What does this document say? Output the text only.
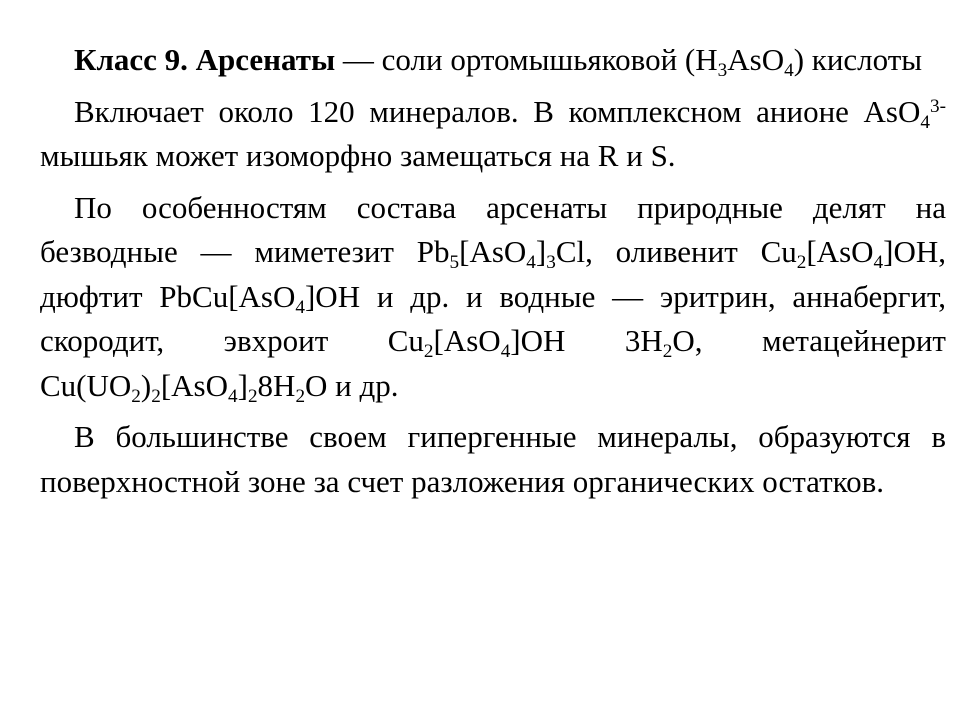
Класс 9. Арсенаты — соли ортомышьяковой $(H_3AsO_4)$ кислоты

Включает около 120 минералов. В комплексном анионе AsO$_4^{3-}$ мышьяк может изоморфно замещаться на R и S.

По особенностям состава арсенаты природные делят на безводные — миметезит $Pb_5[AsO_4]_3Cl$, оливенит $Cu_2[AsO_4]OH$, дюфтит PbCu[AsO$_4$]OH и др. и водные — эритрин, аннабергит, скородит, эвхроит $Cu_2[AsO_4]OH$ $3H_2O$, метацейнерит $Cu(UO_2)_2[AsO_4]_28H_2O$ и др.

В большинстве своем гипергенные минералы, образуются в поверхностной зоне за счет разложения органических остатков.
